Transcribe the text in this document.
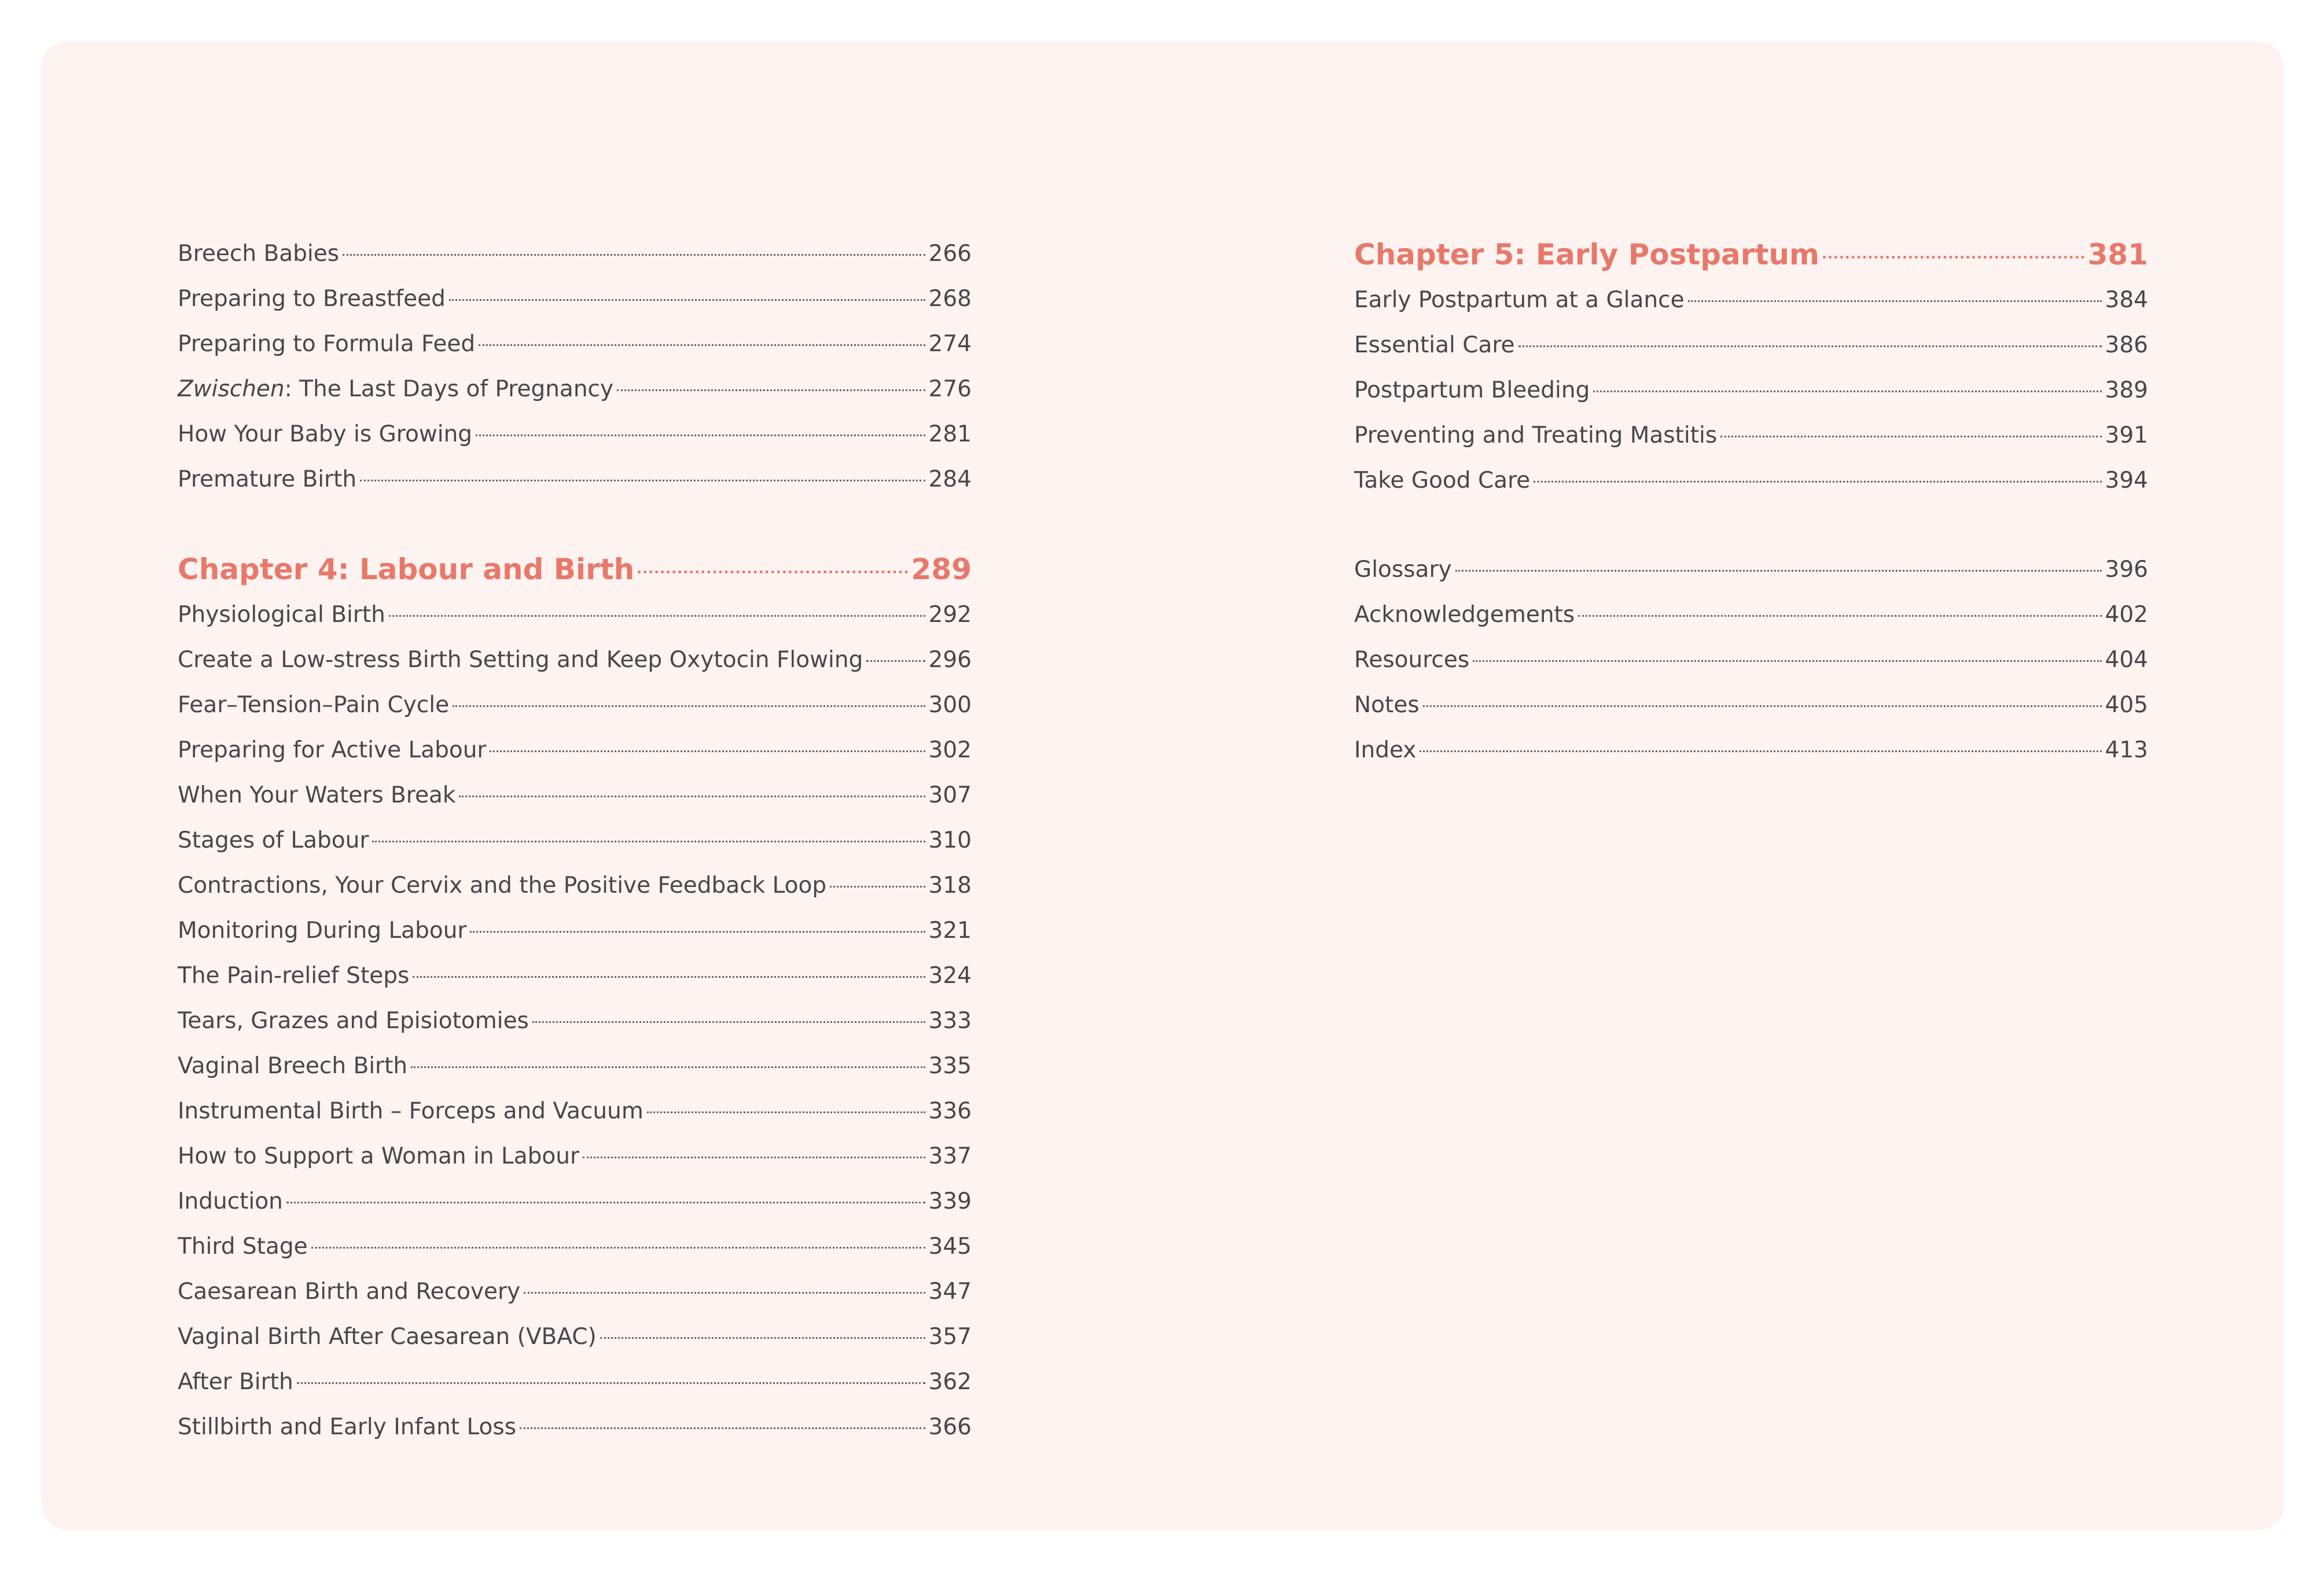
Breech Babies	266
Preparing to Breastfeed	268
Preparing to Formula Feed	274
Zwischen: The Last Days of Pregnancy	276
How Your Baby is Growing	281
Premature Birth	284
Chapter 4: Labour and Birth	289
Physiological Birth	292
Create a Low-stress Birth Setting and Keep Oxytocin Flowing	296
Fear–Tension–Pain Cycle	300
Preparing for Active Labour	302
When Your Waters Break	307
Stages of Labour	310
Contractions, Your Cervix and the Positive Feedback Loop	318
Monitoring During Labour	321
The Pain-relief Steps	324
Tears, Grazes and Episiotomies	333
Vaginal Breech Birth	335
Instrumental Birth – Forceps and Vacuum	336
How to Support a Woman in Labour	337
Induction	339
Third Stage	345
Caesarean Birth and Recovery	347
Vaginal Birth After Caesarean (VBAC)	357
After Birth	362
Stillbirth and Early Infant Loss	366
Chapter 5: Early Postpartum	381
Early Postpartum at a Glance	384
Essential Care	386
Postpartum Bleeding	389
Preventing and Treating Mastitis	391
Take Good Care	394
Glossary	396
Acknowledgements	402
Resources	404
Notes	405
Index	413
